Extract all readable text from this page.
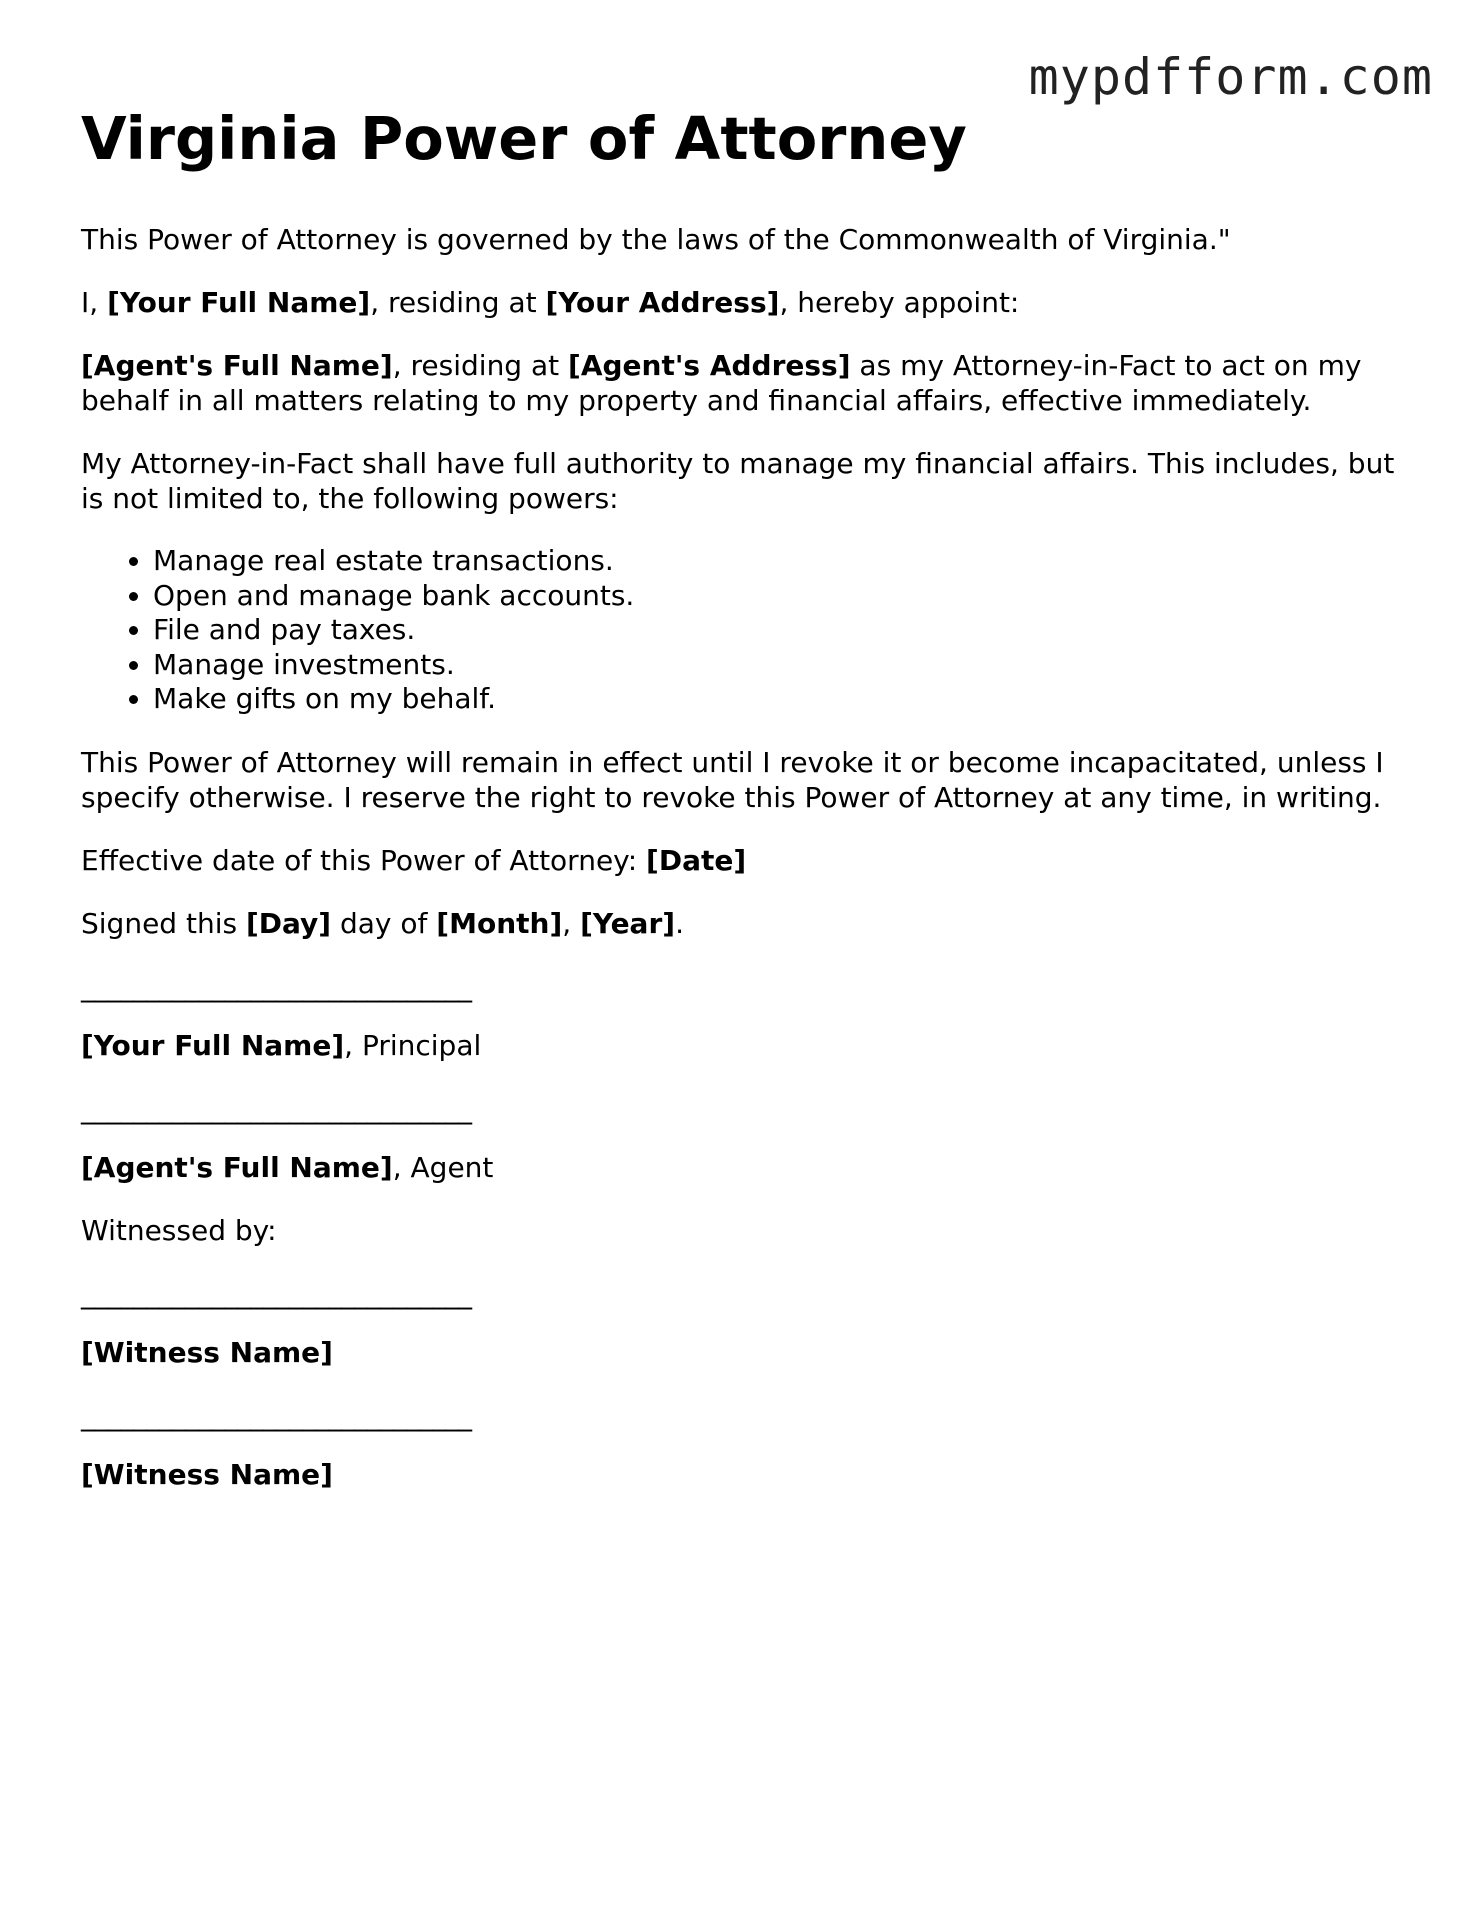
mypdfform.com
Virginia Power of Attorney

This Power of Attorney is governed by the laws of the Commonwealth of Virginia."

I, [Your Full Name], residing at [Your Address], hereby appoint:

[Agent's Full Name], residing at [Agent's Address] as my Attorney-in-Fact to act on my behalf in all matters relating to my property and financial affairs, effective immediately.

My Attorney-in-Fact shall have full authority to manage my financial affairs. This includes, but is not limited to, the following powers:

• Manage real estate transactions.
• Open and manage bank accounts.
• File and pay taxes.
• Manage investments.
• Make gifts on my behalf.

This Power of Attorney will remain in effect until I revoke it or become incapacitated, unless I specify otherwise. I reserve the right to revoke this Power of Attorney at any time, in writing.

Effective date of this Power of Attorney: [Date]

Signed this [Day] day of [Month], [Year].

______________________________

[Your Full Name], Principal

______________________________

[Agent's Full Name], Agent

Witnessed by:

______________________________

[Witness Name]

______________________________

[Witness Name]
